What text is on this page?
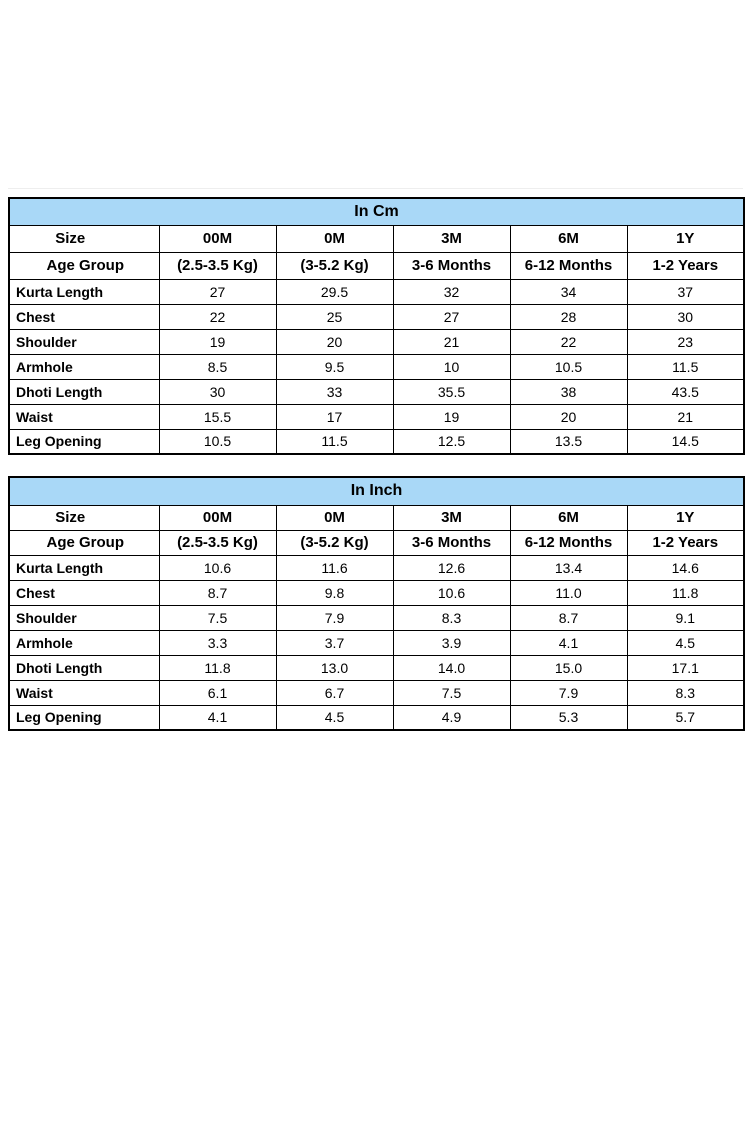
In Cm					
Size	00M	0M	3M	6M	1Y
Age Group	(2.5-3.5 Kg)	(3-5.2 Kg)	3-6 Months	6-12 Months	1-2 Years
Kurta Length	27	29.5	32	34	37
Chest	22	25	27	28	30
Shoulder	19	20	21	22	23
Armhole	8.5	9.5	10	10.5	11.5
Dhoti Length	30	33	35.5	38	43.5
Waist	15.5	17	19	20	21
Leg Opening	10.5	11.5	12.5	13.5	14.5
In Inch					
Size	00M	0M	3M	6M	1Y
Age Group	(2.5-3.5 Kg)	(3-5.2 Kg)	3-6 Months	6-12 Months	1-2 Years
Kurta Length	10.6	11.6	12.6	13.4	14.6
Chest	8.7	9.8	10.6	11.0	11.8
Shoulder	7.5	7.9	8.3	8.7	9.1
Armhole	3.3	3.7	3.9	4.1	4.5
Dhoti Length	11.8	13.0	14.0	15.0	17.1
Waist	6.1	6.7	7.5	7.9	8.3
Leg Opening	4.1	4.5	4.9	5.3	5.7
